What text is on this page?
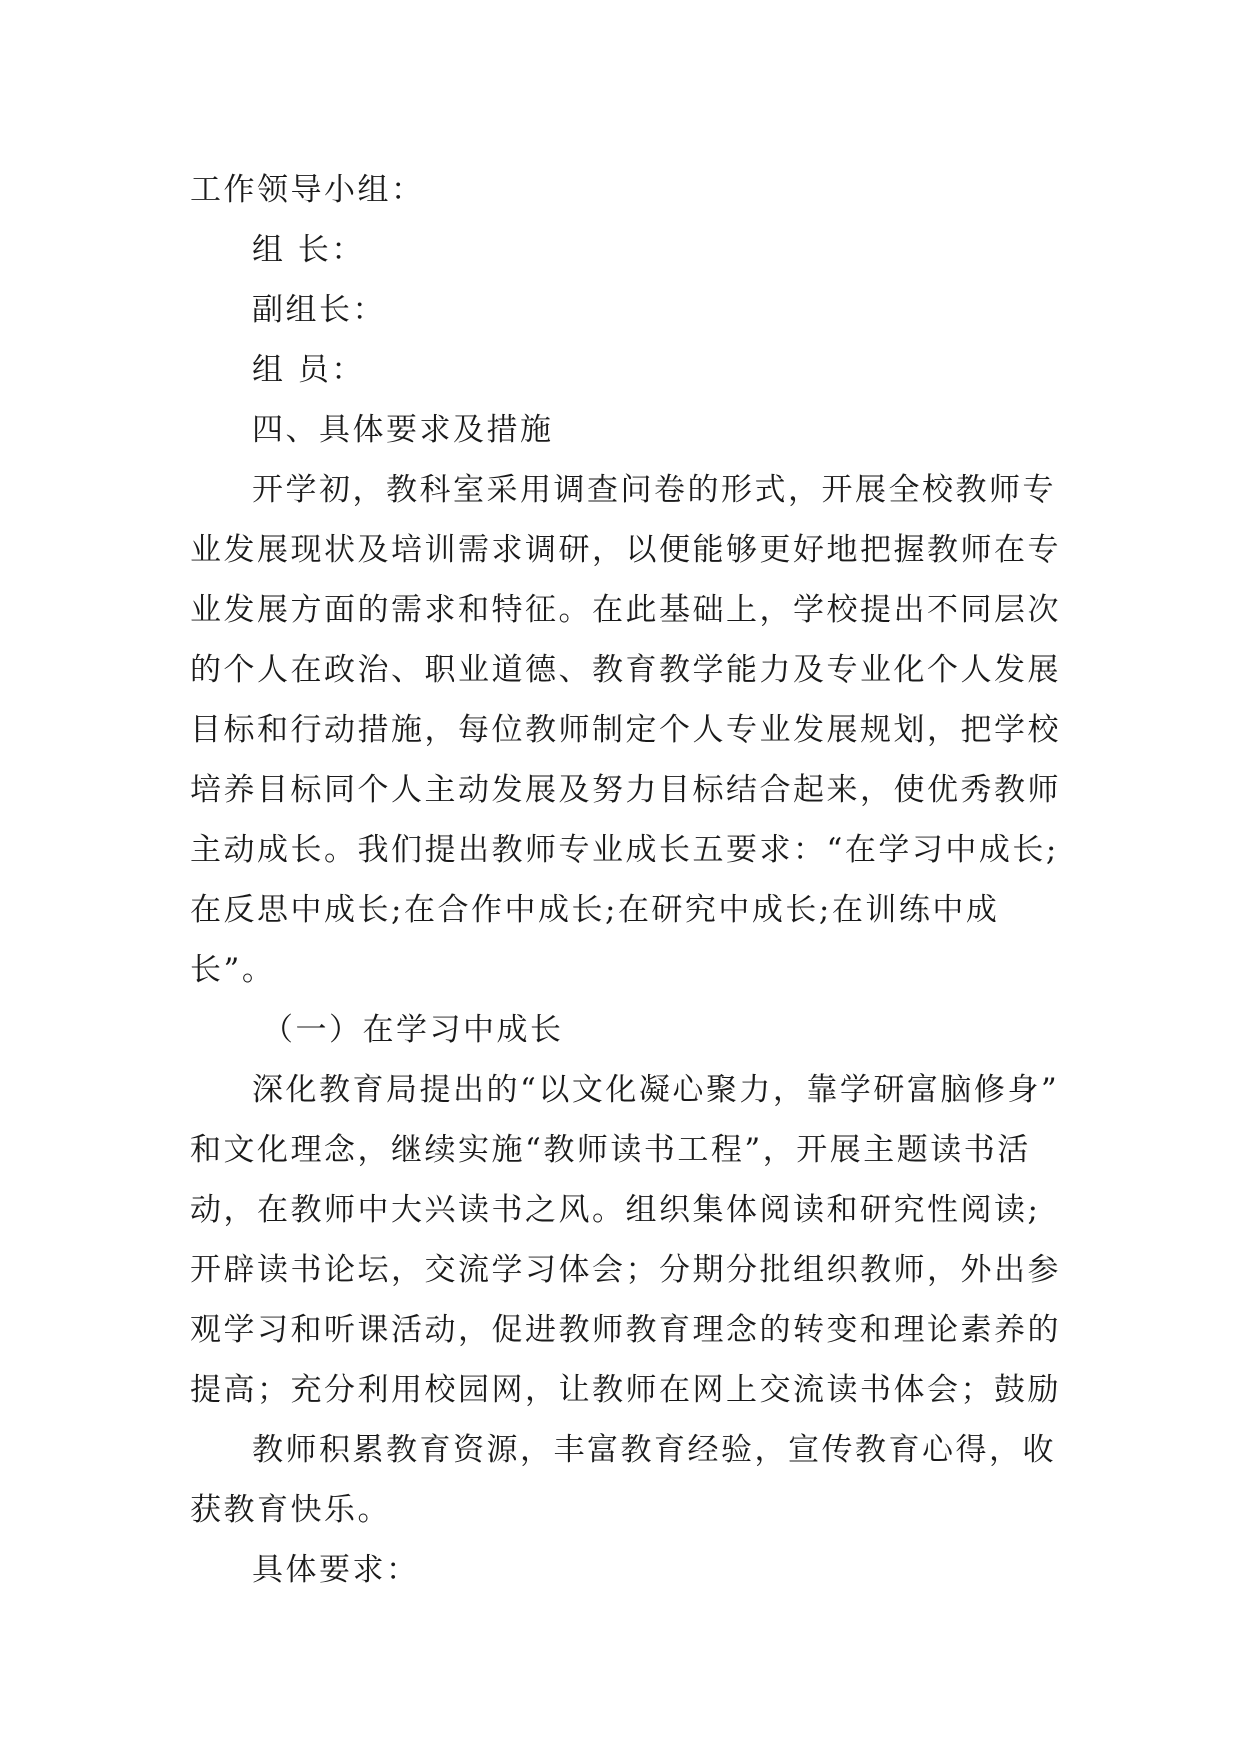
工作领导小组：
组 长：
副组长：
组 员：
四、具体要求及措施
开学初，教科室采用调查问卷的形式，开展全校教师专
业发展现状及培训需求调研，以便能够更好地把握教师在专
业发展方面的需求和特征。在此基础上，学校提出不同层次
的个人在政治、职业道德、教育教学能力及专业化个人发展
目标和行动措施，每位教师制定个人专业发展规划，把学校
培养目标同个人主动发展及努力目标结合起来，使优秀教师
主动成长。我们提出教师专业成长五要求：“在学习中成长;
在反思中成长;在合作中成长;在研究中成长;在训练中成
长”。
（一）在学习中成长
深化教育局提出的“以文化凝心聚力，靠学研富脑修身”
和文化理念，继续实施“教师读书工程”，开展主题读书活
动，在教师中大兴读书之风。组织集体阅读和研究性阅读;
开辟读书论坛，交流学习体会；分期分批组织教师，外出参
观学习和听课活动，促进教师教育理念的转变和理论素养的
提高；充分利用校园网，让教师在网上交流读书体会；鼓励
教师积累教育资源，丰富教育经验，宣传教育心得，收
获教育快乐。
具体要求：
